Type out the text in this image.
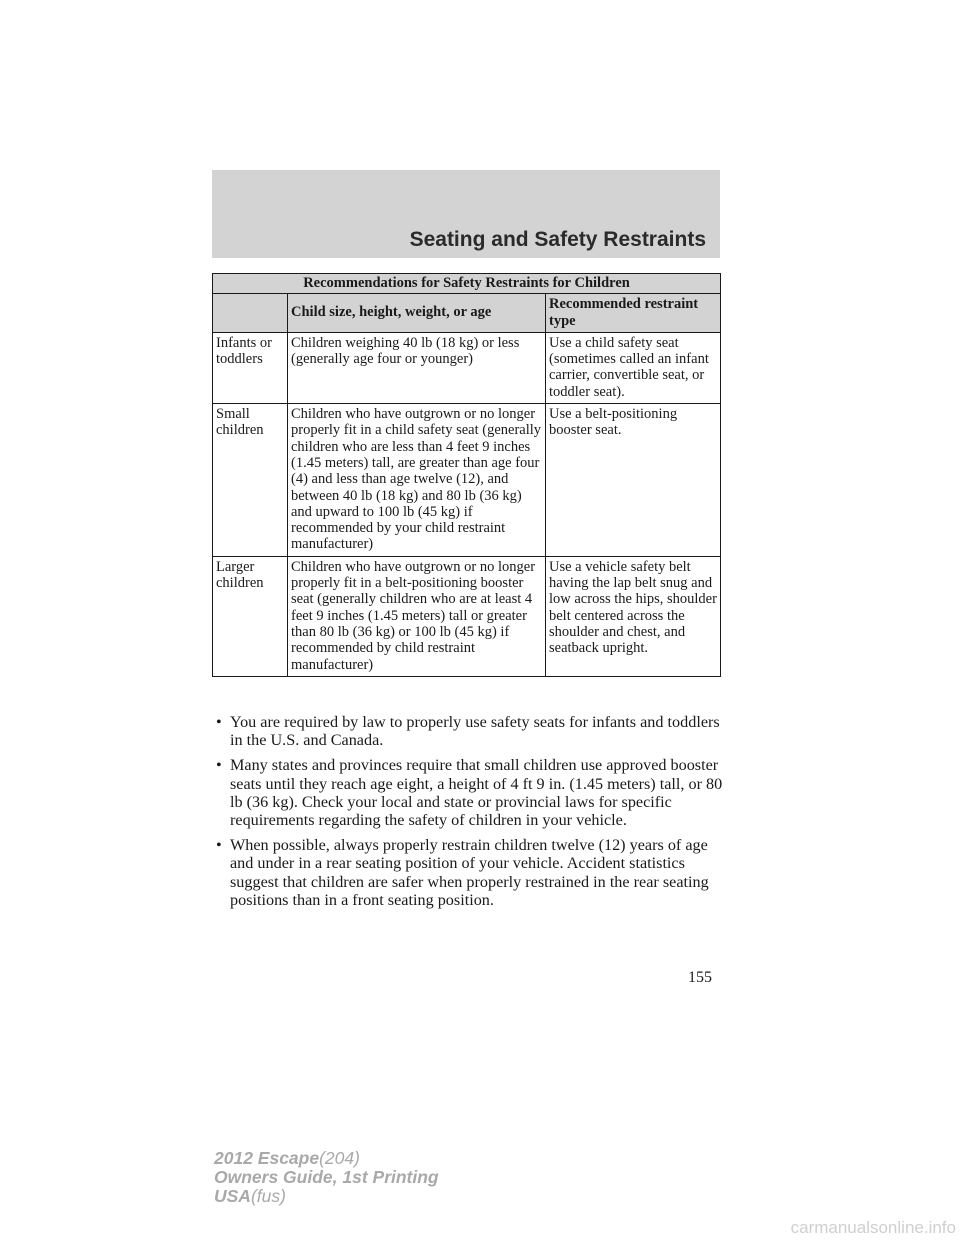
Seating and Safety Restraints
Recommendations for Safety Restraints for Children		
	Child size, height, weight, or age	Recommended restraint type
Infants or toddlers	Children weighing 40 lb (18 kg) or less (generally age four or younger)	Use a child safety seat (sometimes called an infant carrier, convertible seat, or toddler seat).
Small children	Children who have outgrown or no longer properly fit in a child safety seat (generally children who are less than 4 feet 9 inches (1.45 meters) tall, are greater than age four (4) and less than age twelve (12), and between 40 lb (18 kg) and 80 lb (36 kg) and upward to 100 lb (45 kg) if recommended by your child restraint manufacturer)	Use a belt-positioning booster seat.
Larger children	Children who have outgrown or no longer properly fit in a belt-positioning booster seat (generally children who are at least 4 feet 9 inches (1.45 meters) tall or greater than 80 lb (36 kg) or 100 lb (45 kg) if recommended by child restraint manufacturer)	Use a vehicle safety belt having the lap belt snug and low across the hips, shoulder belt centered across the shoulder and chest, and seatback upright.
• You are required by law to properly use safety seats for infants and toddlers in the U.S. and Canada.
• Many states and provinces require that small children use approved booster seats until they reach age eight, a height of 4 ft 9 in. (1.45 meters) tall, or 80 lb (36 kg). Check your local and state or provincial laws for specific requirements regarding the safety of children in your vehicle.
• When possible, always properly restrain children twelve (12) years of age and under in a rear seating position of your vehicle. Accident statistics suggest that children are safer when properly restrained in the rear seating positions than in a front seating position.
155
2012 Escape(204)
Owners Guide, 1st Printing
USA(fus)
carmanualsonline.info
